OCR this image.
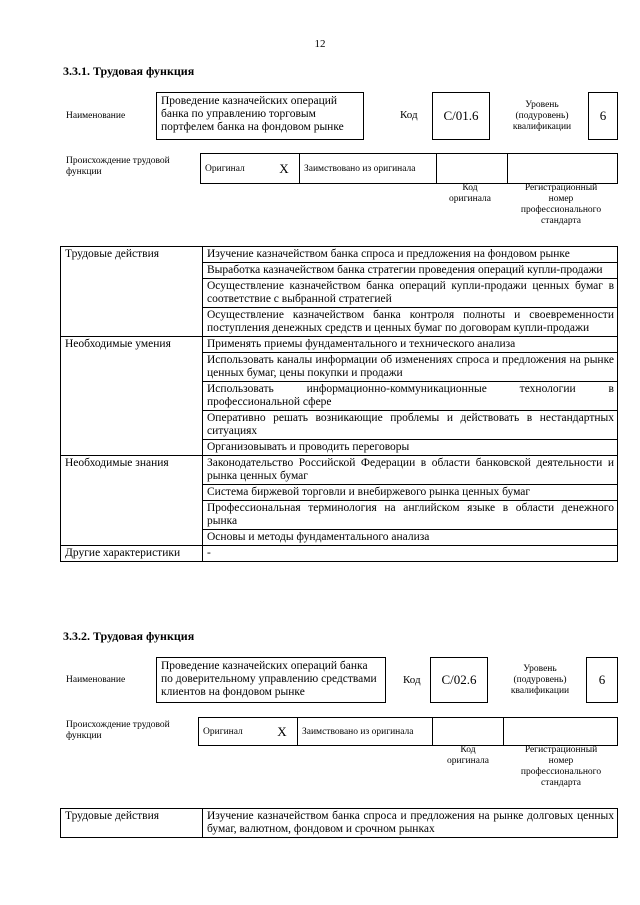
12
3.3.1. Трудовая функция
Наименование
Проведение казначейских операций банка по управлению торговым портфелем банка на фондовом рынке
Код	C/01.6
Уровень (подуровень) квалификации
6
Происхождение трудовой функции	Оригинал	X	Заимствовано из оригинала		
Код оригинала
Регистрационный номер профессионального стандарта
Трудовые действия	Изучение казначейством банка спроса и предложения на фондовом рынке
	Выработка казначейством банка стратегии проведения операций купли-продажи
	Осуществление казначейством банка операций купли-продажи ценных бумаг в соответствие с выбранной стратегией
	Осуществление казначейством банка контроля полноты и своевременности поступления денежных средств и ценных бумаг по договорам купли-продажи
Необходимые умения	Применять приемы фундаментального и технического анализа
	Использовать каналы информации об изменениях спроса и предложения на рынке ценных бумаг, цены покупки и продажи
	Использовать информационно-коммуникационные технологии в профессиональной сфере
	Оперативно решать возникающие проблемы и действовать в нестандартных ситуациях
	Организовывать и проводить переговоры
Необходимые знания	Законодательство Российской Федерации в области банковской деятельности и рынка ценных бумаг
	Система биржевой торговли и внебиржевого рынка ценных бумаг
	Профессиональная терминология на английском языке в области денежного рынка
	Основы и методы фундаментального анализа
Другие характеристики	-
3.3.2. Трудовая функция
Наименование
Проведение казначейских операций банка по доверительному управлению средствами клиентов на фондовом рынке
Код	C/02.6
Уровень (подуровень) квалификации
6
Происхождение трудовой функции	Оригинал	X	Заимствовано из оригинала		
Код оригинала
Регистрационный номер профессионального стандарта
Трудовые действия	Изучение казначейством банка спроса и предложения на рынке долговых ценных бумаг, валютном, фондовом и срочном рынках
